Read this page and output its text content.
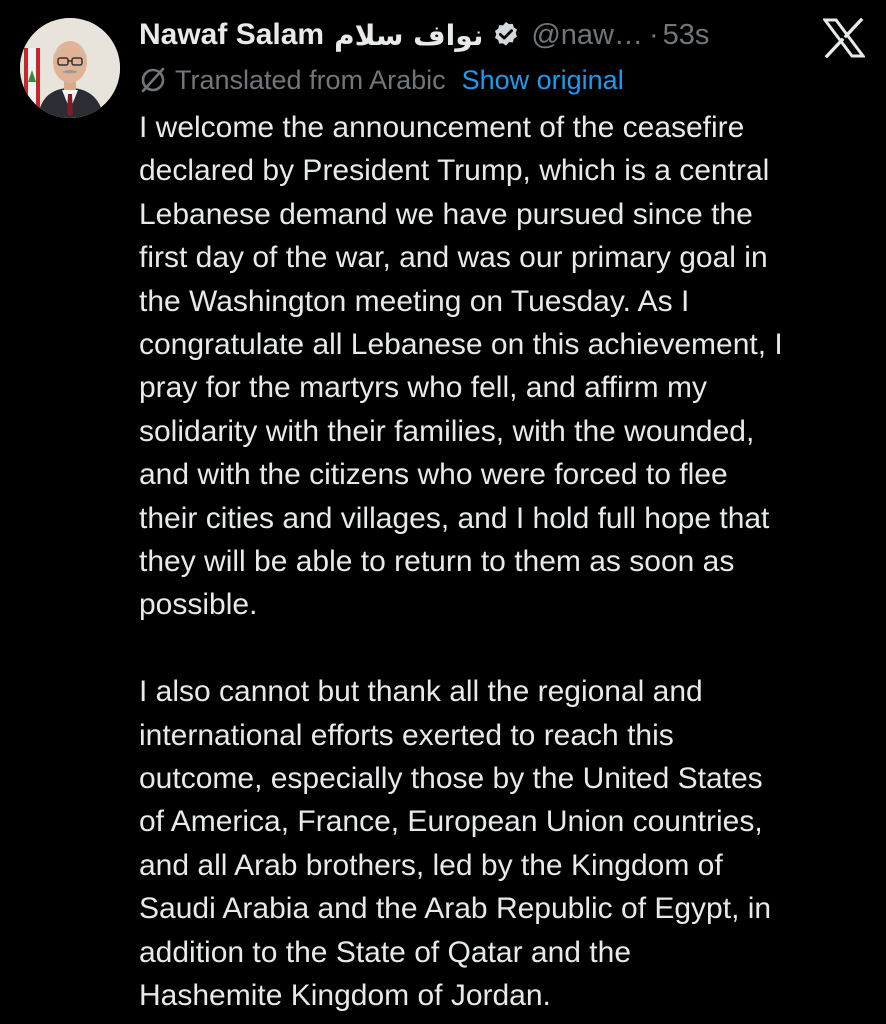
Nawaf Salam نواف سلام @naw… · 53s
Translated from Arabic Show original

I welcome the announcement of the ceasefire

declared by President Trump, which is a central

Lebanese demand we have pursued since the

first day of the war, and was our primary goal in

the Washington meeting on Tuesday. As I

congratulate all Lebanese on this achievement, I

pray for the martyrs who fell, and affirm my

solidarity with their families, with the wounded,

and with the citizens who were forced to flee

their cities and villages, and I hold full hope that

they will be able to return to them as soon as

possible.

I also cannot but thank all the regional and

international efforts exerted to reach this

outcome, especially those by the United States

of America, France, European Union countries,

and all Arab brothers, led by the Kingdom of

Saudi Arabia and the Arab Republic of Egypt, in

addition to the State of Qatar and the

Hashemite Kingdom of Jordan.
